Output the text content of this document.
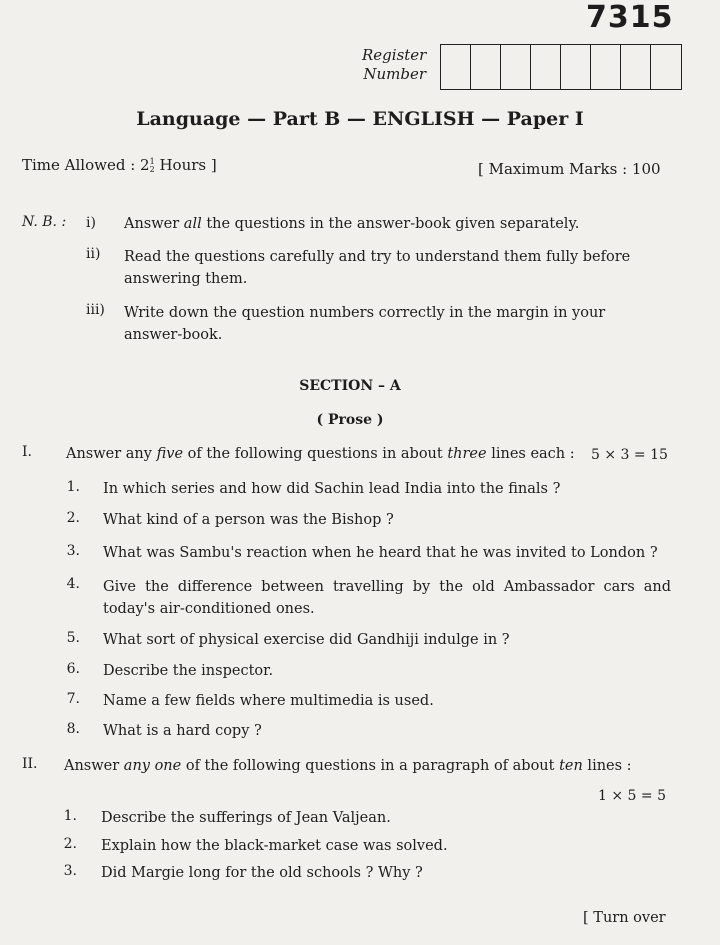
7315
Register
Number
Language — Part B — ENGLISH — Paper I
Time Allowed : 21
2 Hours ]	[ Maximum Marks : 100
N. B. : i) Answer all the questions in the answer-book given separately.
ii) Read the questions carefully and try to understand them fully before
answering them.
iii) Write down the question numbers correctly in the margin in your
answer-book.
SECTION – A
( Prose )
I. Answer any five of the following questions in about three lines each : 5 × 3 = 15
1. In which series and how did Sachin lead India into the finals ?
2. What kind of a person was the Bishop ?
3. What was Sambu's reaction when he heard that he was invited to London ?
4. Give the difference between travelling by the old Ambassador cars and
today's air-conditioned ones.
5. What sort of physical exercise did Gandhiji indulge in ?
6. Describe the inspector.
7. Name a few fields where multimedia is used.
8. What is a hard copy ?
II. Answer any one of the following questions in a paragraph of about ten lines :
1 × 5 = 5
1. Describe the sufferings of Jean Valjean.
2. Explain how the black-market case was solved.
3. Did Margie long for the old schools ? Why ?
[ Turn over
